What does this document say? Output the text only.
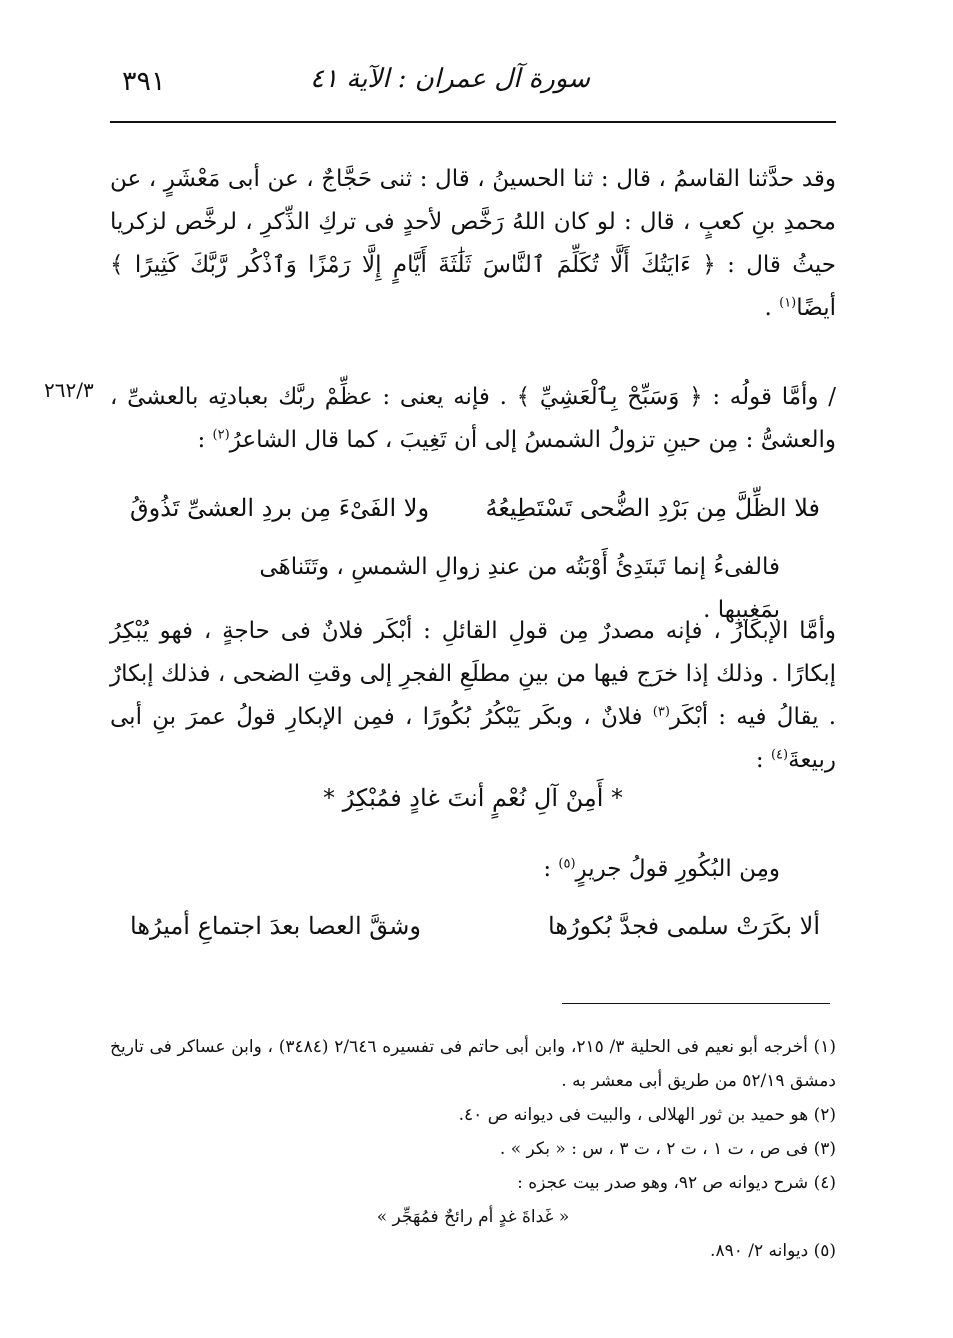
٣٩١	سورة آل عمران : الآية ٤١
وقد حدَّثنا القاسمُ ، قال : ثنا الحسينُ ، قال : ثنى حَجَّاجٌ ، عن أبى مَعْشَرٍ ، عن محمدِ بنِ كعبٍ ، قال : لو كان اللهُ رَخَّص لأحدٍ فى تركِ الذِّكرِ ، لرخَّص لزكريا حيثُ قال : ﴿ ءَايَتُكَ أَلَّا تُكَلِّمَ ٱلنَّاسَ ثَلَٰثَةَ أَيَّامٍ إِلَّا رَمْزًا وَٱذْكُر رَّبَّكَ كَثِيرًا ﴾ أيضًا$^{(١)}$ .
٢٦٢/٣ / وأمَّا قولُه : ﴿ وَسَبِّحْ بِٱلْعَشِيِّ ﴾ . فإنه يعنى : عظِّمْ ربَّك بعبادتِه بالعشىِّ ، والعشىُّ : مِن حينِ تزولُ الشمسُ إلى أن تَغِيبَ ، كما قال الشاعرُ$^{(٢)}$ :
فلا الظِّلَّ مِن بَرْدِ الضُّحى تَسْتَطِيعُهُ
ولا الفَىْءَ مِن بردِ العشىِّ تَذُوقُ
فالفىءُ إنما تَبتَدِئُ أَوْبَتُه من عندِ زوالِ الشمسِ ، وتَتَناهَى بمَغِيبِها .
وأمَّا الإبكارُ ، فإنه مصدرٌ مِن قولِ القائلِ : أبْكَر فلانٌ فى حاجةٍ ، فهو يُبْكِرُ إبكارًا . وذلك إذا خرَج فيها من بينِ مطلَعِ الفجرِ إلى وقتِ الضحى ، فذلك إبكارٌ . يقالُ فيه : أبْكَر$^{(٣)}$ فلانٌ ، وبكَر يَبْكُرُ بُكُورًا ، فمِن الإبكارِ قولُ عمرَ بنِ أبى ربيعةَ$^{(٤)}$ :
* أَمِنْ آلِ نُعْمٍ أنتَ غادٍ فمُبْكِرُ *
ومِن البُكُورِ قولُ جريرٍ$^{(٥)}$ :
ألا بكَرَتْ سلمى فجدَّ بُكورُها
وشقَّ العصا بعدَ اجتماعِ أميرُها

(١) أخرجه أبو نعيم فى الحلية ٣/ ٢١٥، وابن أبى حاتم فى تفسيره ٢/٦٤٦ (٣٤٨٤) ، وابن عساكر فى تاريخ دمشق ٥٢/١٩ من طريق أبى معشر به .

(٢) هو حميد بن ثور الهلالى ، والبيت فى ديوانه ص ٤٠.

(٣) فى ص ، ت ١ ، ت ٢ ، ت ٣ ، س : « بكر » .

(٤) شرح ديوانه ص ٩٢، وهو صدر بيت عجزه :

« غَداةَ غدٍ أم رائحٌ فمُهَجِّر »

(٥) ديوانه ٢/ ٨٩٠.
